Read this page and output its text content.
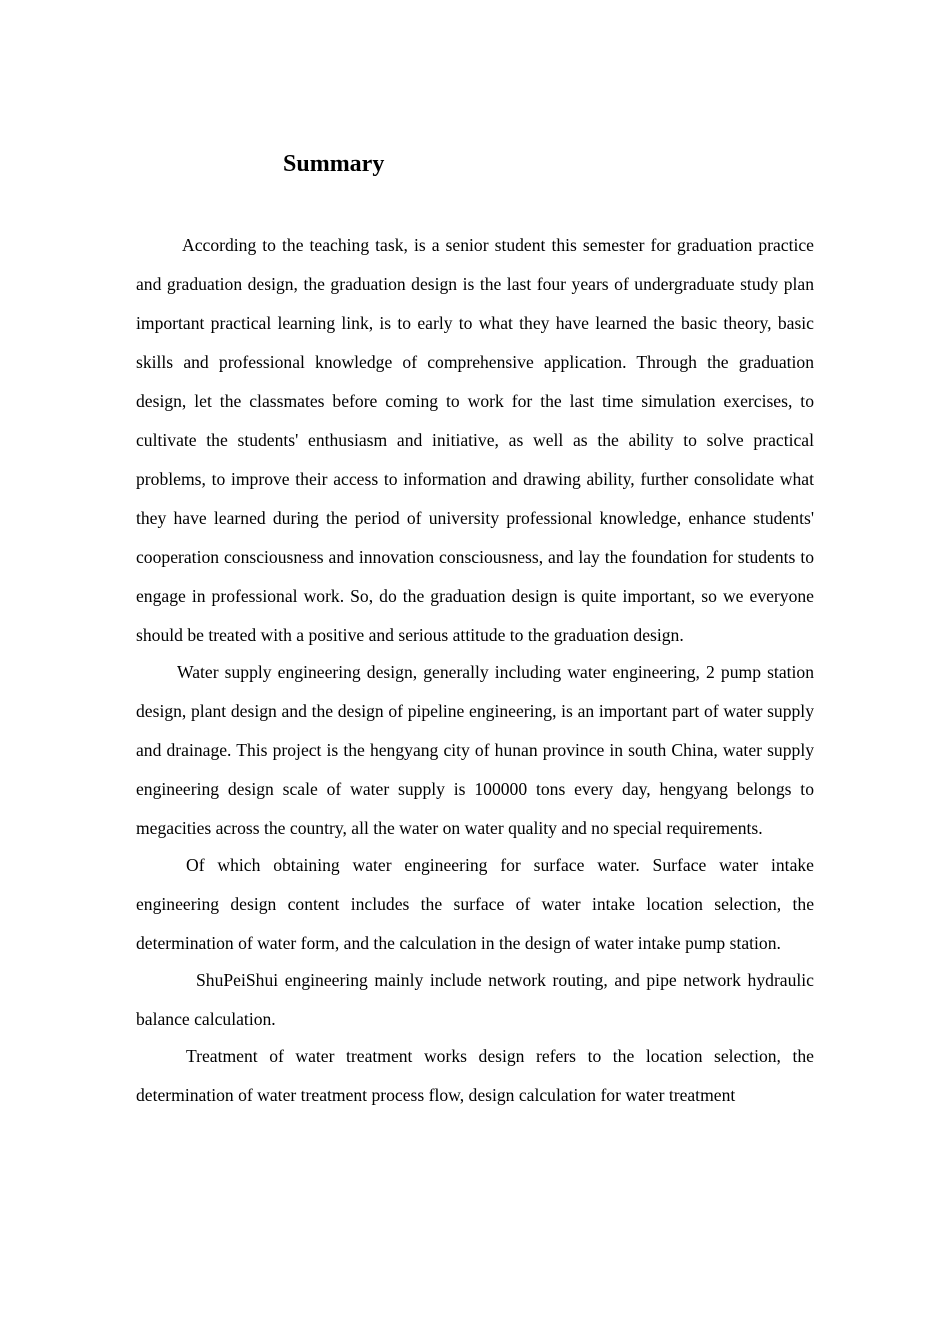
Summary

According to the teaching task, is a senior student this semester for graduation practice and graduation design, the graduation design is the last four years of undergraduate study plan important practical learning link, is to early to what they have learned the basic theory, basic skills and professional knowledge of comprehensive application. Through the graduation design, let the classmates before coming to work for the last time simulation exercises, to cultivate the students' enthusiasm and initiative, as well as the ability to solve practical problems, to improve their access to information and drawing ability, further consolidate what they have learned during the period of university professional knowledge, enhance students' cooperation consciousness and innovation consciousness, and lay the foundation for students to engage in professional work. So, do the graduation design is quite important, so we everyone should be treated with a positive and serious attitude to the graduation design.

Water supply engineering design, generally including water engineering, 2 pump station design, plant design and the design of pipeline engineering, is an important part of water supply and drainage. This project is the hengyang city of hunan province in south China, water supply engineering design scale of water supply is 100000 tons every day, hengyang belongs to megacities across the country, all the water on water quality and no special requirements.

Of which obtaining water engineering for surface water. Surface water intake engineering design content includes the surface of water intake location selection, the determination of water form, and the calculation in the design of water intake pump station.

ShuPeiShui engineering mainly include network routing, and pipe network hydraulic balance calculation.

Treatment of water treatment works design refers to the location selection, the determination of water treatment process flow, design calculation for water treatment
